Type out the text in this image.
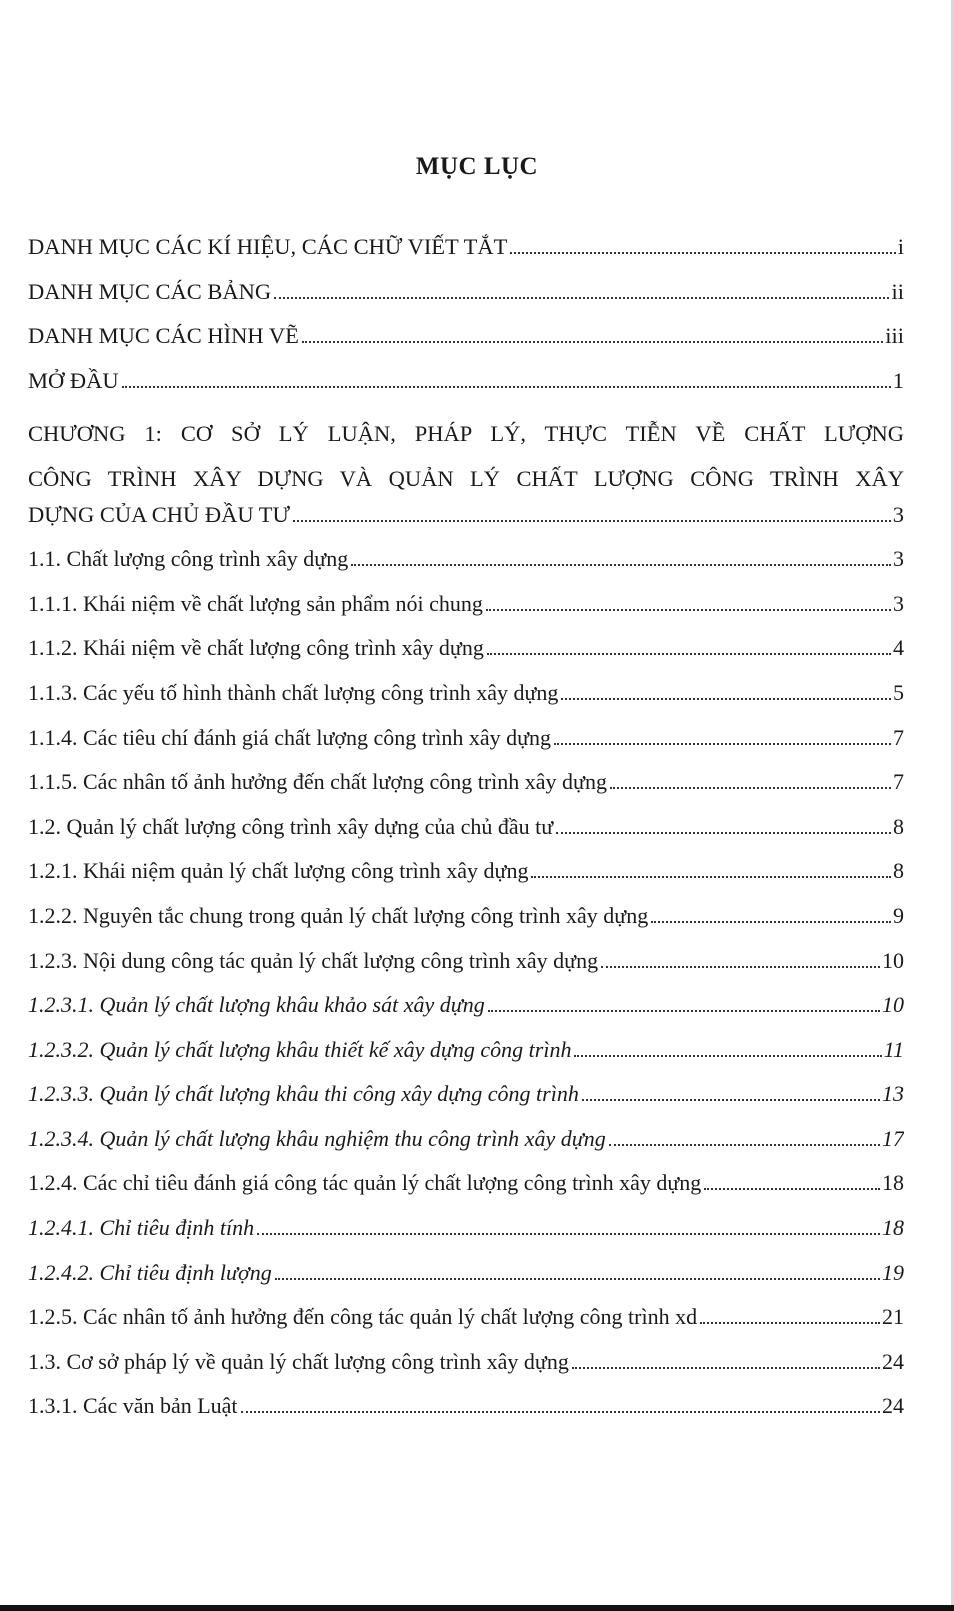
MỤC LỤC
DANH MỤC CÁC KÍ HIỆU, CÁC CHỮ VIẾT TẮT	i
DANH MỤC CÁC BẢNG	ii
DANH MỤC CÁC HÌNH VẼ	iii
MỞ ĐẦU	1
CHƯƠNG 1: CƠ SỞ LÝ LUẬN, PHÁP LÝ, THỰC TIỄN VỀ CHẤT LƯỢNG
CÔNG TRÌNH XÂY DỰNG VÀ QUẢN LÝ CHẤT LƯỢNG CÔNG TRÌNH XÂY
DỰNG CỦA CHỦ ĐẦU TƯ	3
1.1. Chất lượng công trình xây dựng	3
1.1.1. Khái niệm về chất lượng sản phẩm nói chung	3
1.1.2. Khái niệm về chất lượng công trình xây dựng	4
1.1.3. Các yếu tố hình thành chất lượng công trình xây dựng	5
1.1.4. Các tiêu chí đánh giá chất lượng công trình xây dựng	7
1.1.5. Các nhân tố ảnh hưởng đến chất lượng công trình xây dựng	7
1.2. Quản lý chất lượng công trình xây dựng của chủ đầu tư	8
1.2.1. Khái niệm quản lý chất lượng công trình xây dựng	8
1.2.2. Nguyên tắc chung trong quản lý chất lượng công trình xây dựng	9
1.2.3. Nội dung công tác quản lý chất lượng công trình xây dựng	10
1.2.3.1. Quản lý chất lượng khâu khảo sát xây dựng	10
1.2.3.2. Quản lý chất lượng khâu thiết kế xây dựng công trình	11
1.2.3.3. Quản lý chất lượng khâu thi công xây dựng công trình	13
1.2.3.4. Quản lý chất lượng khâu nghiệm thu công trình xây dựng	17
1.2.4. Các chỉ tiêu đánh giá công tác quản lý chất lượng công trình xây dựng	18
1.2.4.1. Chỉ tiêu định tính	18
1.2.4.2. Chỉ tiêu định lượng	19
1.2.5. Các nhân tố ảnh hưởng đến công tác quản lý chất lượng công trình xd	21
1.3. Cơ sở pháp lý về quản lý chất lượng công trình xây dựng	24
1.3.1. Các văn bản Luật	24
